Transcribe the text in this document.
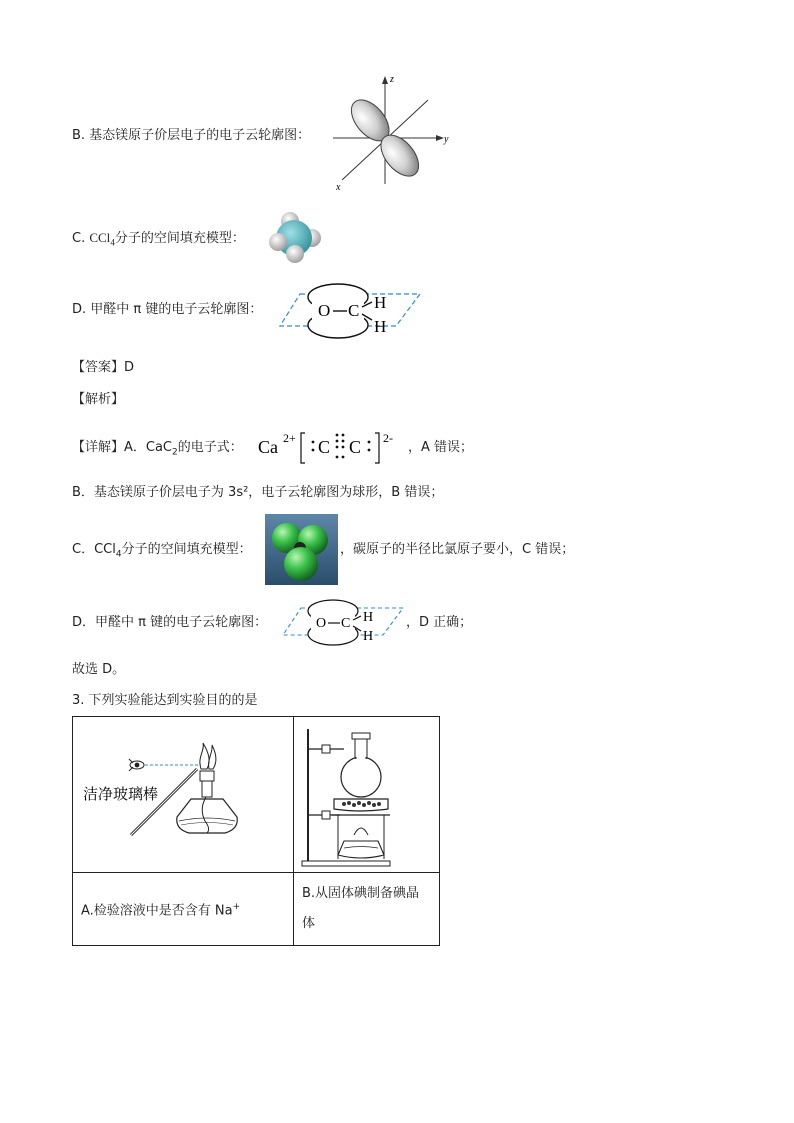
B. 基态镁原子价层电子的电子云轮廓图：
z
y
x
C. CCl$_4$分子的空间填充模型：
D. 甲醛中 π 键的电子云轮廓图：	O C H
H
【答案】D
【解析】
【详解】A．CaC$_2$的电子式： Ca 2+ C C 2-
，A 错误；
B．基态镁原子价层电子为 3s²，电子云轮廓图为球形，B 错误；
C．CCl$_4$分子的空间填充模型：	，碳原子的半径比氯原子要小，C 错误；
D．甲醛中 π 键的电子云轮廓图：	O C H
H
，D 正确；
故选 D。
3. 下列实验能达到实验目的的是
洁净玻璃棒

A.检验溶液中是否含有 Na+	B.从固体碘制备碘晶
体
